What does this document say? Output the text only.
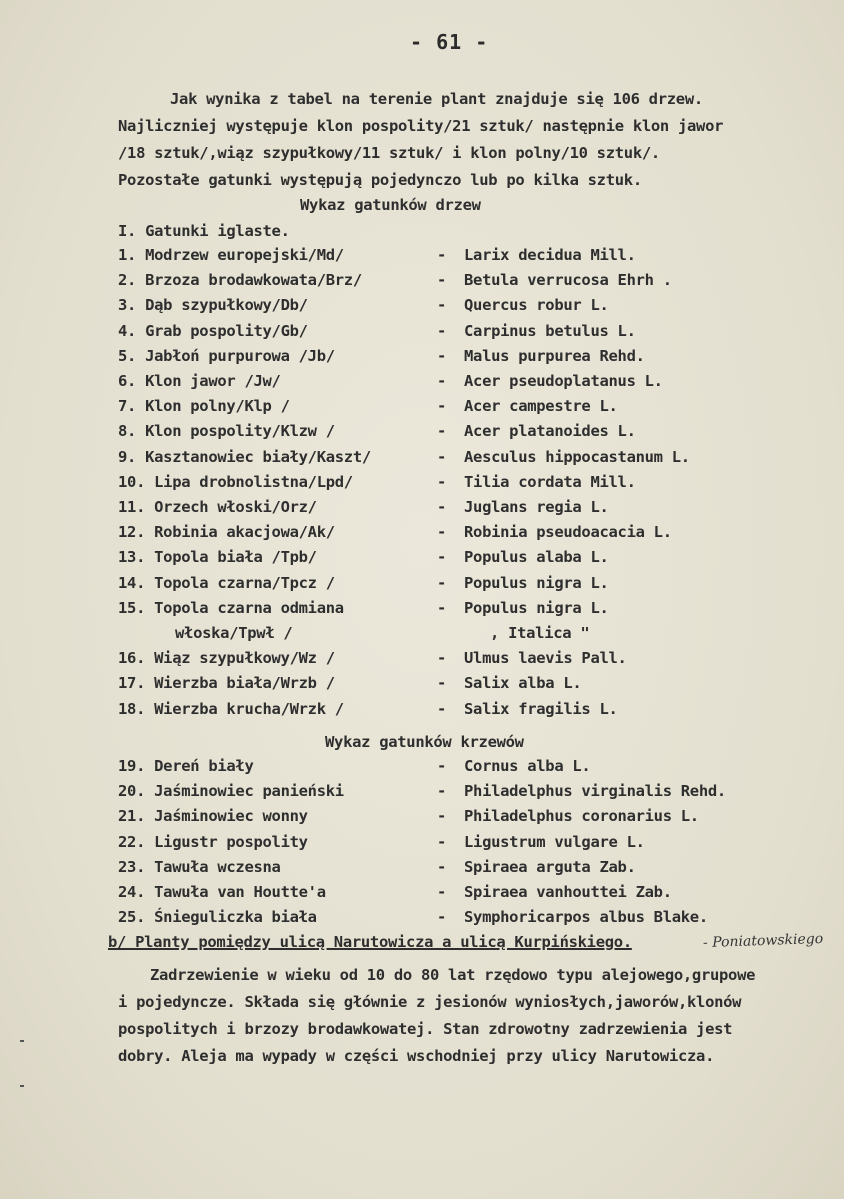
- 61 -
Jak wynika z tabel na terenie plant znajduje się 106 drzew.
Najliczniej występuje klon pospolity/21 sztuk/ następnie klon jawor
/18 sztuk/,wiąz szypułkowy/11 sztuk/ i klon polny/10 sztuk/.
Pozostałe gatunki występują pojedynczo lub po kilka sztuk.
Wykaz gatunków drzew
I. Gatunki iglaste.
1. Modrzew europejski/Md/	- Larix decidua Mill.
2. Brzoza brodawkowata/Brz/	- Betula verrucosa Ehrh .
3. Dąb szypułkowy/Db/	- Quercus robur L.
4. Grab pospolity/Gb/	- Carpinus betulus L.
5. Jabłoń purpurowa /Jb/	- Malus purpurea Rehd.
6. Klon jawor /Jw/	- Acer pseudoplatanus L.
7. Klon polny/Klp /	- Acer campestre L.
8. Klon pospolity/Klzw /	- Acer platanoides L.
9. Kasztanowiec biały/Kaszt/	- Aesculus hippocastanum L.
10. Lipa drobnolistna/Lpd/	- Tilia cordata Mill.
11. Orzech włoski/Orz/	- Juglans regia L.
12. Robinia akacjowa/Ak/	- Robinia pseudoacacia L.
13. Topola biała /Tpb/	- Populus alaba L.
14. Topola czarna/Tpcz /	- Populus nigra L.
15. Topola czarna odmiana	- Populus nigra L.
włoska/Tpwł /	, Italica "
16. Wiąz szypułkowy/Wz /	- Ulmus laevis Pall.
17. Wierzba biała/Wrzb /	- Salix alba L.
18. Wierzba krucha/Wrzk /	- Salix fragilis L.
Wykaz gatunków krzewów
19. Dereń biały	- Cornus alba L.
20. Jaśminowiec panieński	- Philadelphus virginalis Rehd.
21. Jaśminowiec wonny	- Philadelphus coronarius L.
22. Ligustr pospolity	- Ligustrum vulgare L.
23. Tawuła wczesna	- Spiraea arguta Zab.
24. Tawuła van Houtte'a	- Spiraea vanhouttei Zab.
25. Śnieguliczka biała	- Symphoricarpos albus Blake.
b/ Planty pomiędzy ulicą Narutowicza a ulicą Kurpińskiego.	- Poniatowskiego
Zadrzewienie w wieku od 10 do 80 lat rzędowo typu alejowego,grupowe
i pojedyncze. Składa się głównie z jesionów wyniosłych,jaworów,klonów
pospolitych i brzozy brodawkowatej. Stan zdrowotny zadrzewienia jest
dobry. Aleja ma wypady w części wschodniej przy ulicy Narutowicza.
